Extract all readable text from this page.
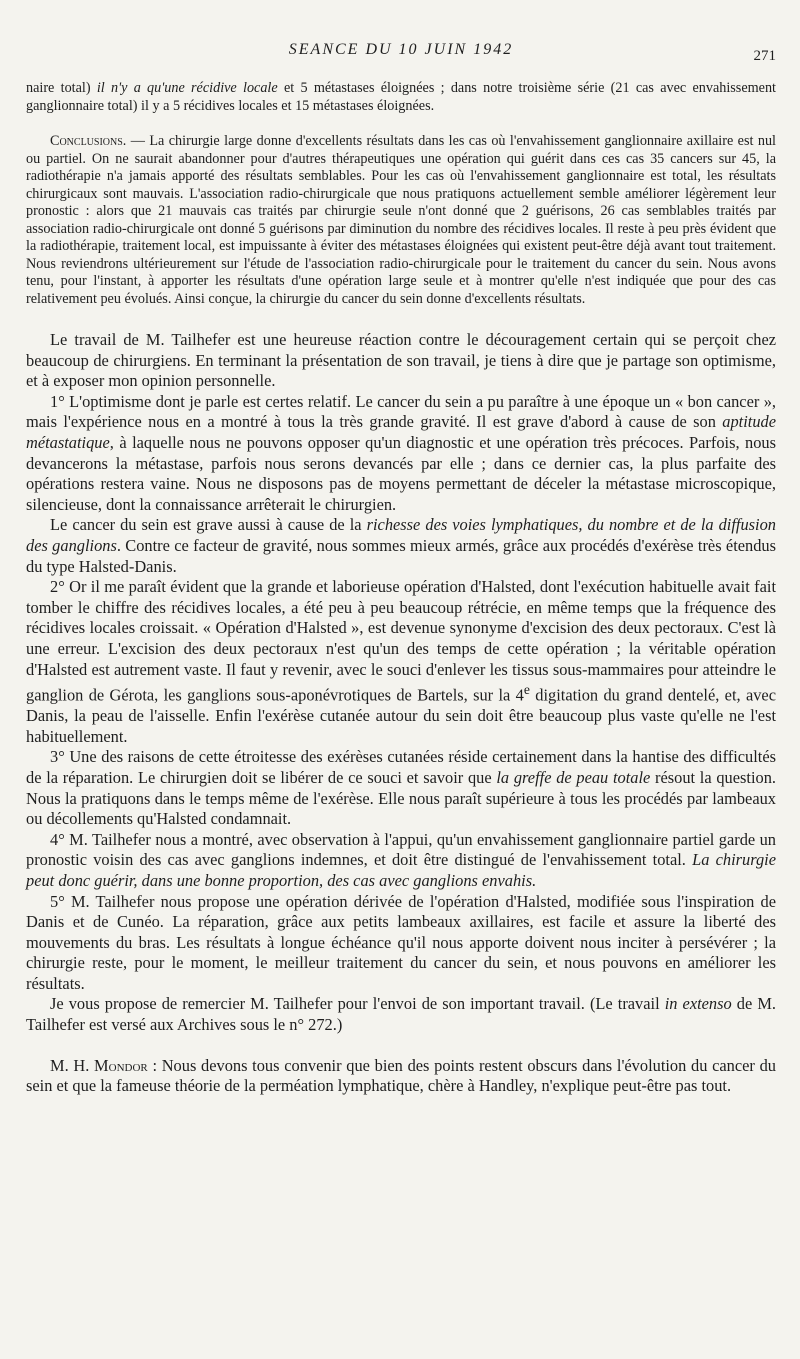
SEANCE DU 10 JUIN 1942	271

naire total) il n'y a qu'une récidive locale et 5 métastases éloignées ; dans notre troisième série (21 cas avec envahissement ganglionnaire total) il y a 5 récidives locales et 15 métastases éloignées.

Conclusions. — La chirurgie large donne d'excellents résultats dans les cas où l'envahissement ganglionnaire axillaire est nul ou partiel. On ne saurait abandonner pour d'autres thérapeutiques une opération qui guérit dans ces cas 35 cancers sur 45, la radiothérapie n'a jamais apporté des résultats semblables. Pour les cas où l'envahissement ganglionnaire est total, les résultats chirurgicaux sont mauvais. L'association radio-chirurgicale que nous pratiquons actuellement semble améliorer légèrement leur pronostic : alors que 21 mauvais cas traités par chirurgie seule n'ont donné que 2 guérisons, 26 cas semblables traités par association radio-chirurgicale ont donné 5 guérisons par diminution du nombre des récidives locales. Il reste à peu près évident que la radiothérapie, traitement local, est impuissante à éviter des métastases éloignées qui existent peut-être déjà avant tout traitement. Nous reviendrons ultérieurement sur l'étude de l'association radio-chirurgicale pour le traitement du cancer du sein. Nous avons tenu, pour l'instant, à apporter les résultats d'une opération large seule et à montrer qu'elle n'est indiquée que pour des cas relativement peu évolués. Ainsi conçue, la chirurgie du cancer du sein donne d'excellents résultats.

Le travail de M. Tailhefer est une heureuse réaction contre le découragement certain qui se perçoit chez beaucoup de chirurgiens. En terminant la présentation de son travail, je tiens à dire que je partage son optimisme, et à exposer mon opinion personnelle.

1° L'optimisme dont je parle est certes relatif. Le cancer du sein a pu paraître à une époque un « bon cancer », mais l'expérience nous en a montré à tous la très grande gravité. Il est grave d'abord à cause de son aptitude métastatique, à laquelle nous ne pouvons opposer qu'un diagnostic et une opération très précoces. Parfois, nous devancerons la métastase, parfois nous serons devancés par elle ; dans ce dernier cas, la plus parfaite des opérations restera vaine. Nous ne disposons pas de moyens permettant de déceler la métastase microscopique, silencieuse, dont la connaissance arrêterait le chirurgien.

Le cancer du sein est grave aussi à cause de la richesse des voies lymphatiques, du nombre et de la diffusion des ganglions. Contre ce facteur de gravité, nous sommes mieux armés, grâce aux procédés d'exérèse très étendus du type Halsted-Danis.

2° Or il me paraît évident que la grande et laborieuse opération d'Halsted, dont l'exécution habituelle avait fait tomber le chiffre des récidives locales, a été peu à peu beaucoup rétrécie, en même temps que la fréquence des récidives locales croissait. « Opération d'Halsted », est devenue synonyme d'excision des deux pectoraux. C'est là une erreur. L'excision des deux pectoraux n'est qu'un des temps de cette opération ; la véritable opération d'Halsted est autrement vaste. Il faut y revenir, avec le souci d'enlever les tissus sous-mammaires pour atteindre le ganglion de Gérota, les ganglions sous-aponévrotiques de Bartels, sur la 4e digitation du grand dentelé, et, avec Danis, la peau de l'aisselle. Enfin l'exérèse cutanée autour du sein doit être beaucoup plus vaste qu'elle ne l'est habituellement.

3° Une des raisons de cette étroitesse des exérèses cutanées réside certainement dans la hantise des difficultés de la réparation. Le chirurgien doit se libérer de ce souci et savoir que la greffe de peau totale résout la question. Nous la pratiquons dans le temps même de l'exérèse. Elle nous paraît supérieure à tous les procédés par lambeaux ou décollements qu'Halsted condamnait.

4° M. Tailhefer nous a montré, avec observation à l'appui, qu'un envahissement ganglionnaire partiel garde un pronostic voisin des cas avec ganglions indemnes, et doit être distingué de l'envahissement total. La chirurgie peut donc guérir, dans une bonne proportion, des cas avec ganglions envahis.

5° M. Tailhefer nous propose une opération dérivée de l'opération d'Halsted, modifiée sous l'inspiration de Danis et de Cunéo. La réparation, grâce aux petits lambeaux axillaires, est facile et assure la liberté des mouvements du bras. Les résultats à longue échéance qu'il nous apporte doivent nous inciter à persévérer ; la chirurgie reste, pour le moment, le meilleur traitement du cancer du sein, et nous pouvons en améliorer les résultats.

Je vous propose de remercier M. Tailhefer pour l'envoi de son important travail. (Le travail in extenso de M. Tailhefer est versé aux Archives sous le n° 272.)

M. H. Mondor : Nous devons tous convenir que bien des points restent obscurs dans l'évolution du cancer du sein et que la fameuse théorie de la perméation lymphatique, chère à Handley, n'explique peut-être pas tout.
